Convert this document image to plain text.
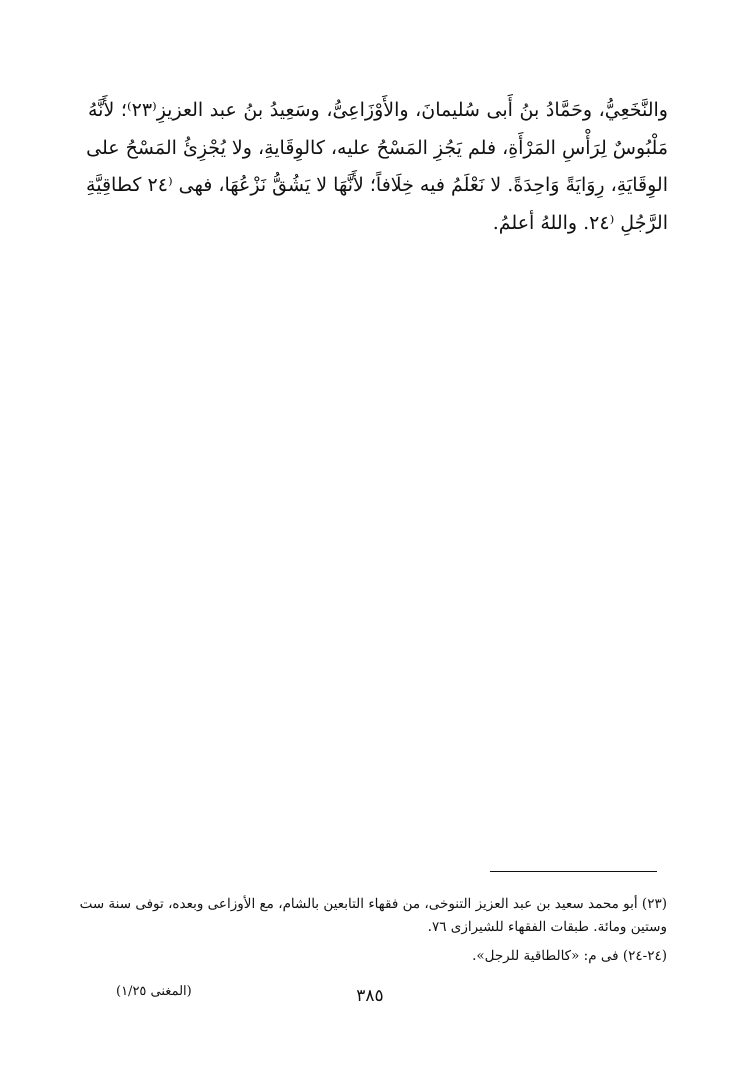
والنَّخَعِيُّ، وحَمَّادُ بنُ أَبى سُليمانَ، والأَوْزَاعِىُّ، وسَعِيدُ بنُ عبد العزيزِ⁽٢٣⁾؛ لأَنَّهُ
مَلْبُوسٌ لِرَأْسِ المَرْأَةِ، فلم يَجُزِ المَسْحُ عليه، كالوِقَايةِ، ولا يُجْزِئُ المَسْحُ على
الوِقَايَةِ، رِوَايَةً وَاحِدَةً. لا نَعْلَمُ فيه خِلَافاً؛ لأَنَّهَا لا يَشُقُّ نَزْعُهَا، فهى ⁽٢٤ كطاقِيَّةِ
الرَّجُلِ ⁽٢٤. واللهُ أعلمُ.
(٢٣) أبو محمد سعيد بن عبد العزيز التنوخى، من فقهاء التابعين بالشام، مع الأوزاعى وبعده، توفى سنة ست
وستين ومائة. طبقات الفقهاء للشيرازى ٧٦.
(٢٤-٢٤) فى م: «كالطاقية للرجل».
٣٨٥
(المغنى ١/٢٥)
